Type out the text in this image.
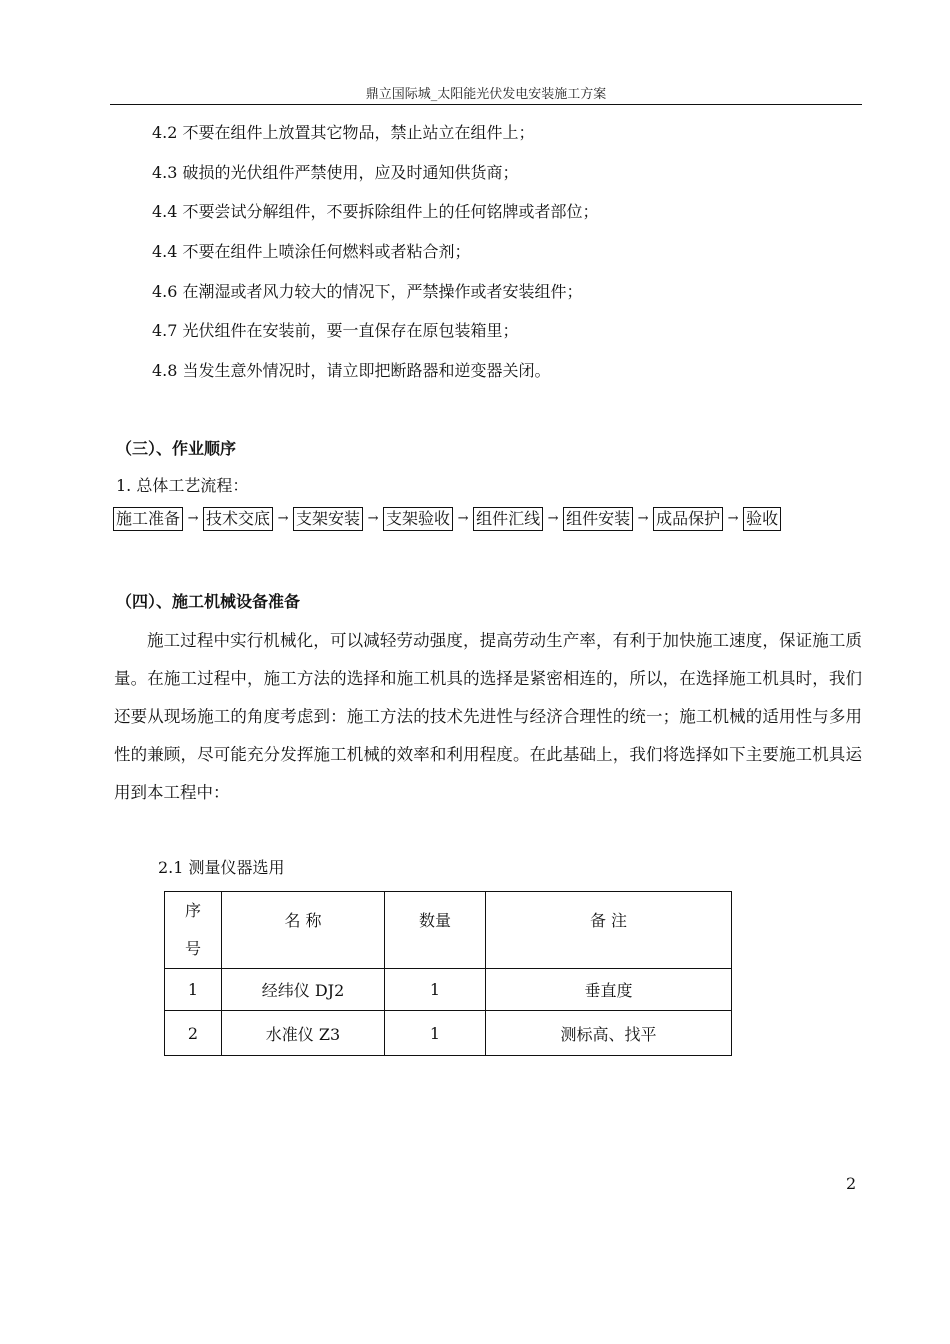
鼎立国际城_太阳能光伏发电安装施工方案
4.2 不要在组件上放置其它物品，禁止站立在组件上；
4.3 破损的光伏组件严禁使用，应及时通知供货商；
4.4 不要尝试分解组件，不要拆除组件上的任何铭牌或者部位；
4.4 不要在组件上喷涂任何燃料或者粘合剂；
4.6 在潮湿或者风力较大的情况下，严禁操作或者安装组件；
4.7 光伏组件在安装前，要一直保存在原包装箱里；
4.8 当发生意外情况时，请立即把断路器和逆变器关闭。
（三）、作业顺序
1. 总体工艺流程：
施工准备 → 技术交底 → 支架安装 → 支架验收 → 组件汇线 → 组件安装 → 成品保护 → 验收
（四）、施工机械设备准备
施工过程中实行机械化，可以减轻劳动强度，提高劳动生产率，有利于加快施工速度，保证施工质量。在施工过程中，施工方法的选择和施工机具的选择是紧密相连的，所以，在选择施工机具时，我们还要从现场施工的角度考虑到：施工方法的技术先进性与经济合理性的统一；施工机械的适用性与多用性的兼顾，尽可能充分发挥施工机械的效率和利用程度。在此基础上，我们将选择如下主要施工机具运用到本工程中：
2.1 测量仪器选用
序
号	名 称	数量	备 注
1	经纬仪 DJ2	1	垂直度
2	水准仪 Z3	1	测标高、找平
2
